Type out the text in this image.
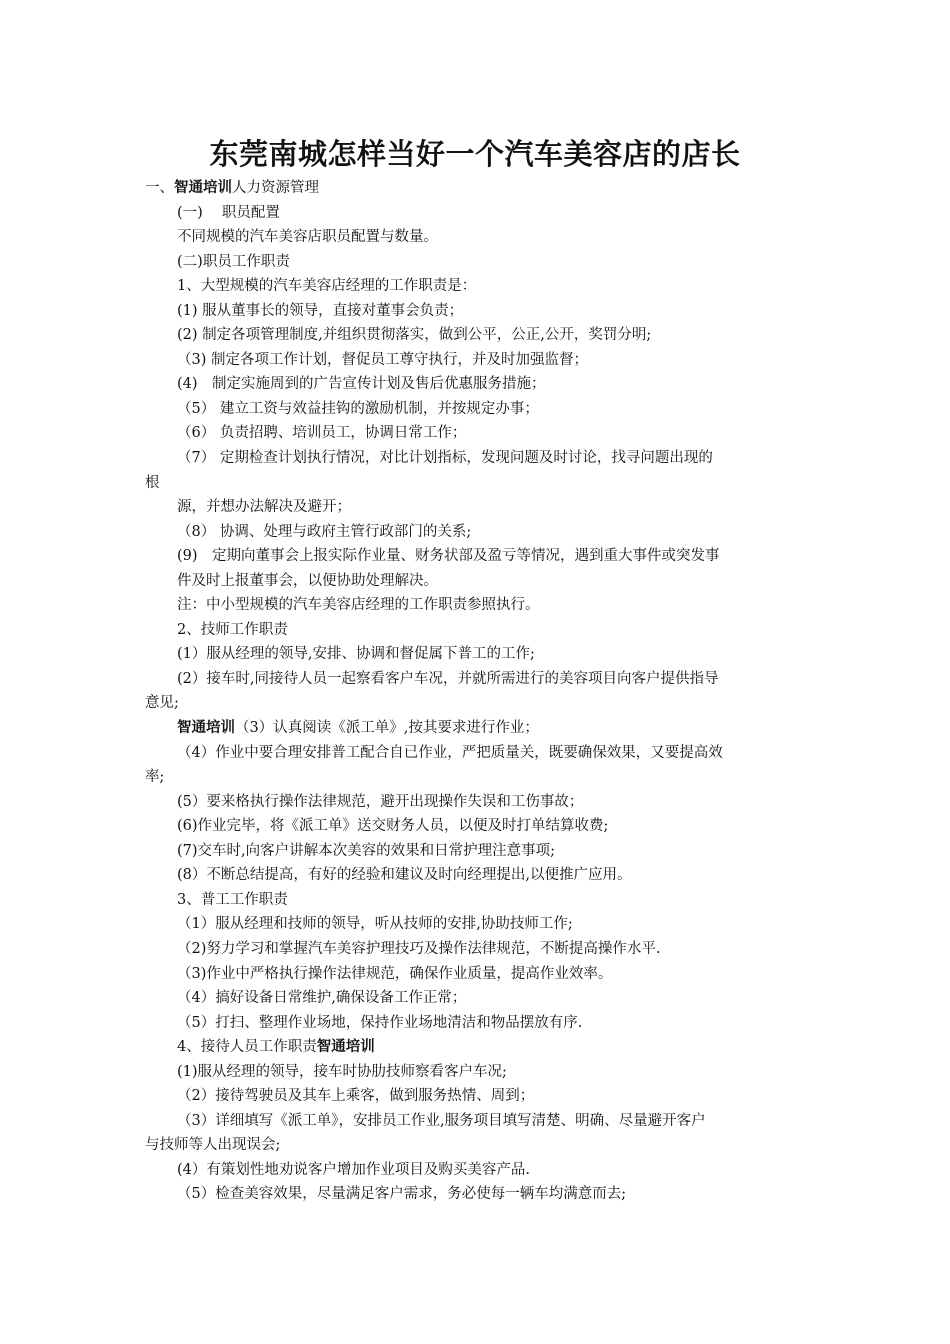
东莞南城怎样当好一个汽车美容店的店长
一、智通培训人力资源管理
(一)　 职员配置
不同规模的汽车美容店职员配置与数量。
(二)职员工作职责
1、大型规模的汽车美容店经理的工作职责是：
(1) 服从董事长的领导，直接对董事会负责；
(2) 制定各项管理制度,并组织贯彻落实，做到公平，公正,公开，奖罚分明;
（3) 制定各项工作计划，督促员工尊守执行，并及时加强监督；
(4)　制定实施周到的广告宣传计划及售后优惠服务措施；
（5） 建立工资与效益挂钩的激励机制，并按规定办事；
（6） 负责招聘、培训员工，协调日常工作；
（7） 定期检查计划执行情况，对比计划指标，发现问题及时讨论，找寻问题出现的
根
源，并想办法解决及避开；
（8） 协调、处理与政府主管行政部门的关系;
(9)　定期向董事会上报实际作业量、财务状部及盈亏等情况，遇到重大事件或突发事
件及时上报董事会，以便协助处理解决。
注：中小型规模的汽车美容店经理的工作职责参照执行。
2、技师工作职责
(1）服从经理的领导,安排、协调和督促属下普工的工作;
(2）接车时,同接待人员一起察看客户车况，并就所需进行的美容项目向客户提供指导
意见;
智通培训（3）认真阅读《派工单》,按其要求进行作业；
（4）作业中要合理安排普工配合自已作业，严把质量关，既要确保效果，又要提高效
率;
(5）要来格执行操作法律规范，避开出现操作失误和工伤事故；
(6)作业完毕，将《派工单》送交财务人员，以便及时打单结算收费;
(7)交车时,向客户讲解本次美容的效果和日常护理注意事项;
(8）不断总结提高，有好的经验和建议及时向经理提出,以便推广应用。
3、普工工作职责
（1）服从经理和技师的领导，听从技师的安排,协助技师工作;
（2)努力学习和掌握汽车美容护理技巧及操作法律规范，不断提高操作水平.
（3)作业中严格执行操作法律规范，确保作业质量，提高作业效率。
（4）搞好设备日常维护,确保设备工作正常；
（5）打扫、整理作业场地，保持作业场地清洁和物品摆放有序.
4、接待人员工作职责智通培训
(1)服从经理的领导，接车时协肋技师察看客户车况;
（2）接待驾驶员及其车上乘客，做到服务热情、周到；
（3）详细填写《派工单》，安排员工作业,服务项目填写清楚、明确、尽量避开客户
与技师等人出现误会;
(4）有策划性地劝说客户增加作业项目及购买美容产品.
（5）检查美容效果，尽量满足客户需求，务必使每一辆车均满意而去;
